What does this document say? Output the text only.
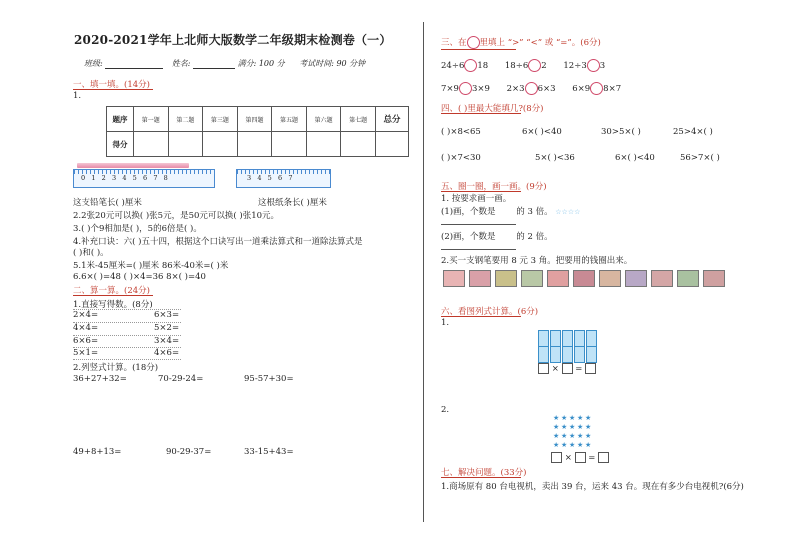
2020-2021学年上北师大版数学二年级期末检测卷（一）
班级:	姓名:	满分: 100 分 考试时间: 90 分钟
一、填一填。(14分)
1.
题序	第一题	第二题	第三题	第四题	第五题	第六题	第七题	总分
得分								
0   1   2   3   4   5   6   7   8	3   4   5   6   7
这支铅笔长( )厘米	这根纸条长( )厘米
2.2张20元可以换( )张5元，是50元可以换( )张10元。
3.( )个9相加是( )，5的6倍是( )。
4.补充口诀：六( )五十四，根据这个口诀写出一道乘法算式和一道除法算式是
( )和( )。
5.1米-45厘米=( )厘米 86米-40米=( )米
6.6×( )=48 ( )×4=36 8×( )=40
二、算一算。(24分)
1.直接写得数。(8分)
2×4=	6×3=
4×4=	5×2=
6×6=	3×4=
5×1=	4×6=
2.列竖式计算。(18分)
36+27+32=	70-29-24=	95-57+30=
49+8+13=	90-29-37=	33-15+43=
三、在 里填上 “>” “<” 或 “=”。(6分)
24÷6 18 18÷6 2 12÷3 3
7×9 3×9 2×3 6×3 6×9 8×7
四、( )里最大能填几?(8分)
( )×8<65	6×( )<40	30>5×( )	25>4×( )
( )×7<30	5×( )<36	6×( )<40	56>7×( )
五、圈一圈，画一画。(9分)
1. 按要求画一画。
(1)画，个数是 的 3 倍。 ☆☆☆☆
(2)画，个数是 的 2 倍。
2.买一支钢笔要用 8 元 3 角。把要用的钱圈出来。
六、看图列式计算。(6分)
1.
×  =
2.
★ ★ ★ ★ ★
★ ★ ★ ★ ★
★ ★ ★ ★ ★
★ ★ ★ ★ ★
×  =
七、解决问题。(33分)
1.商场原有 80 台电视机，卖出 39 台，运来 43 台。现在有多少台电视机?(6分)
